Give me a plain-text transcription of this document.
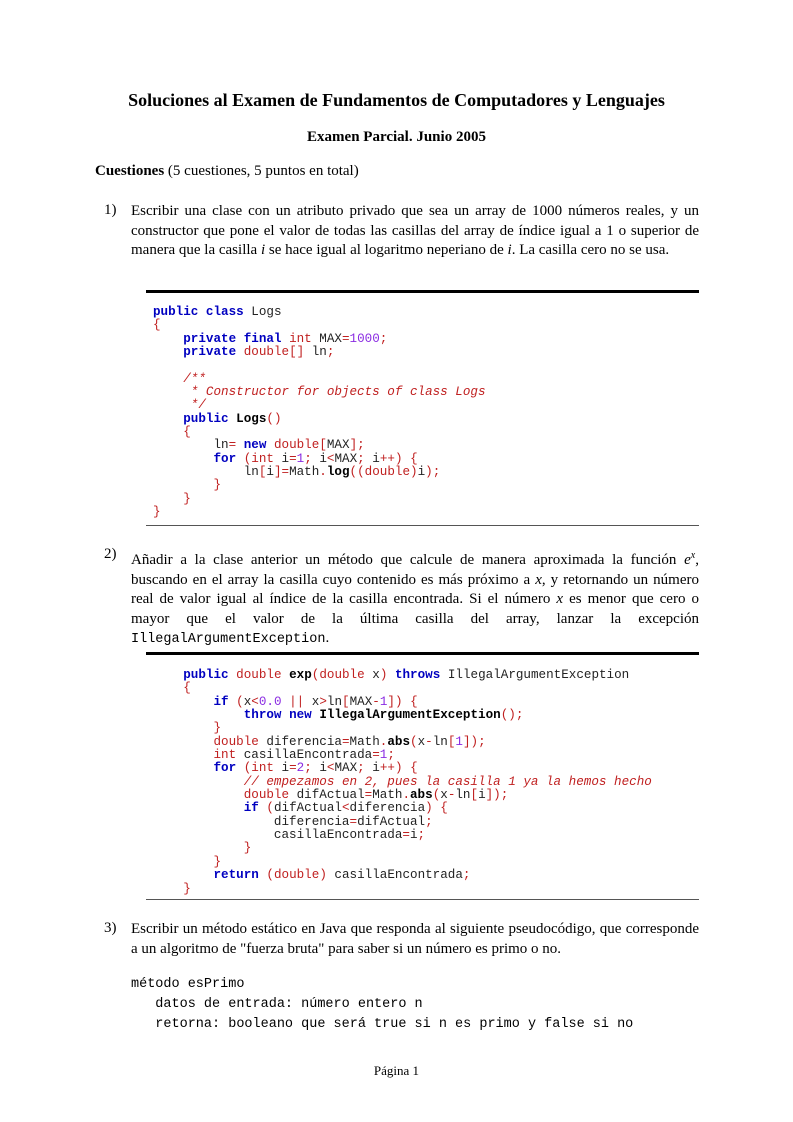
Soluciones al Examen de Fundamentos de Computadores y Lenguajes
Examen Parcial. Junio 2005
Cuestiones (5 cuestiones, 5 puntos en total)
1) Escribir una clase con un atributo privado que sea un array de 1000 números reales, y un constructor que pone el valor de todas las casillas del array de índice igual a 1 o superior de manera que la casilla i se hace igual al logaritmo neperiano de i. La casilla cero no se usa.
public class Logs
{
private final int MAX=1000;
private double[] ln;

/**
* Constructor for objects of class Logs
*/
public Logs()
{
ln= new double[MAX];
for (int i=1; i<MAX; i++) {
ln[i]=Math.log((double)i);
}
}
}
2) Añadir a la clase anterior un método que calcule de manera aproximada la función $e^x$, buscando en el array la casilla cuyo contenido es más próximo a x, y retornando un número real de valor igual al índice de la casilla encontrada. Si el número x es menor que cero o mayor que el valor de la última casilla del array, lanzar la excepción IllegalArgumentException.
public double exp(double x) throws IllegalArgumentException
{
if (x<0.0 || x>ln[MAX-1]) {
throw new IllegalArgumentException();
}
double diferencia=Math.abs(x-ln[1]);
int casillaEncontrada=1;
for (int i=2; i<MAX; i++) {
// empezamos en 2, pues la casilla 1 ya la hemos hecho
double difActual=Math.abs(x-ln[i]);
if (difActual<diferencia) {
diferencia=difActual;
casillaEncontrada=i;
}
}
return (double) casillaEncontrada;
}
3) Escribir un método estático en Java que responda al siguiente pseudocódigo, que corresponde a un algoritmo de "fuerza bruta" para saber si un número es primo o no.
método esPrimo
datos de entrada: número entero n
retorna: booleano que será true si n es primo y false si no
Página 1
